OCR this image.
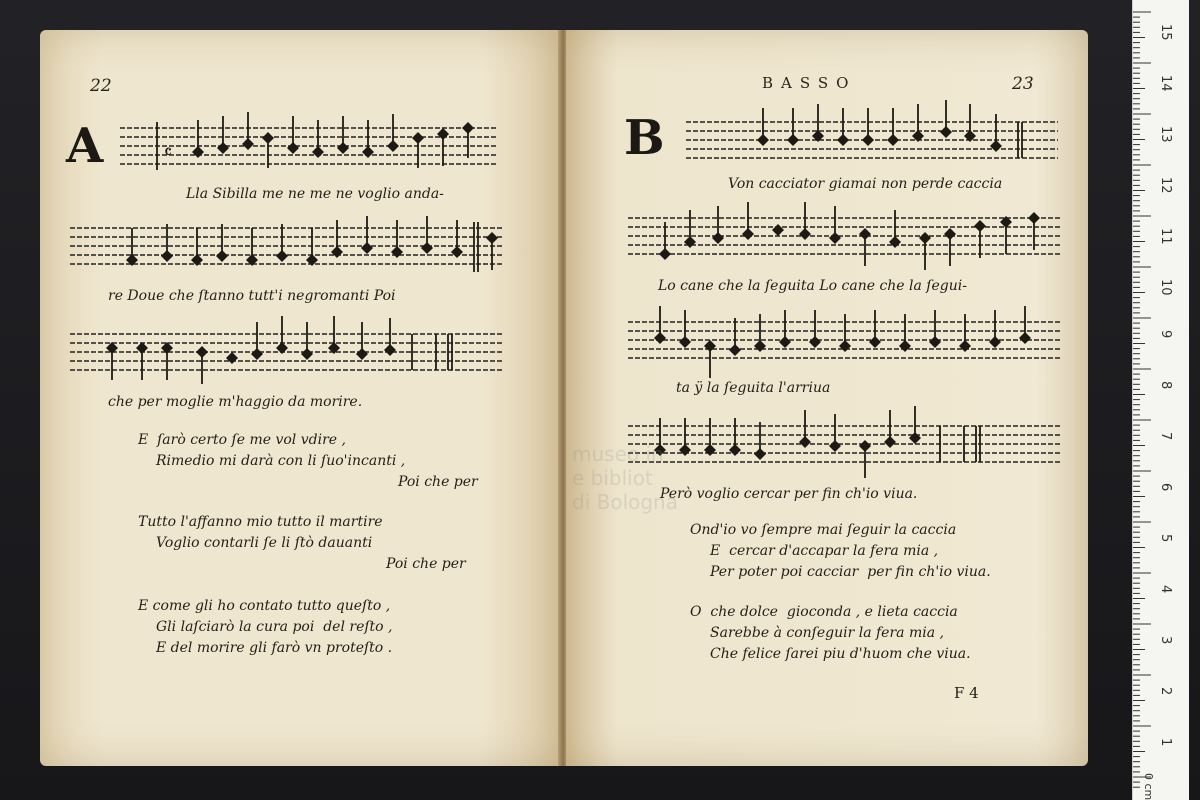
22
A	𝄴
Lla Sibilla me ne me ne voglio anda-
re Doue che ſtanno tutt'i negromanti Poi
che per moglie m'haggio da morire.
E  ſarò certo ſe me vol vdire ,
Rimedio mi darà con li ſuo'incanti ,
Poi che per
Tutto l'affanno mio tutto il martire
Voglio contarli ſe li ſtò dauanti
Poi che per
E come gli ho contato tutto queſto ,
Gli laſciarò la cura poi  del reſto ,
E del morire gli farò vn proteſto .
BASSO	23
B
Von cacciator giamai non perde caccia
Lo cane che la ſeguita Lo cane che la ſegui-
ta ÿ la ſeguita l'arriua
Però voglio cercar per fin ch'io viua.
Ond'io vo ſempre mai ſeguir la caccia
E  cercar d'accapar la fera mia ,
Per poter poi cacciar  per fin ch'io viua.
O  che dolce  gioconda , e lieta caccia
Sarebbe à conſeguir la fera mia ,
Che felice ſarei piu d'huom che viua.
F 4
museo in
e bibliot
di Bologna
15
14
13
12
11
10
9
8
7
6
5
4
3
2
1
0 cm
